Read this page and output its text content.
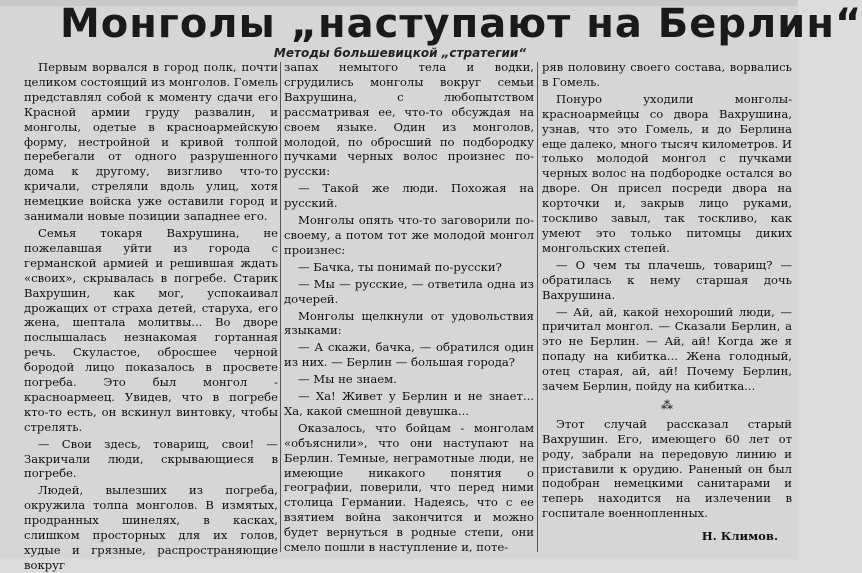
Монголы „наступают на Берлин“
Методы большевицкой „стратегии“

Первым ворвался в город полк, почти целиком состоящий из монголов. Гомель представлял собой к моменту сдачи его Красной армии груду развалин, и монголы, одетые в красноармейскую форму, нестройной и кривой толпой перебегали от одного разрушенного дома к другому, визгливо что-то кричали, стреляли вдоль улиц, хотя немецкие войска уже оставили город и занимали новые позиции западнее его.

Семья токаря Вахрушина, не пожелавшая уйти из города с германской армией и решившая ждать «своих», скрывалась в погребе. Старик Вахрушин, как мог, успокаивал дрожащих от страха детей, старуха, его жена, шептала молитвы... Во дворе послышалась незнакомая гортанная речь. Скуластое, обросшее черной бородой лицо показалось в просвете погреба. Это был монгол - красноармеец. Увидев, что в погребе кто-то есть, он вскинул винтовку, чтобы стрелять.

— Свои здесь, товарищ, свои! — Закричали люди, скрывающиеся в погребе.

Людей, вылезших из погреба, окружила толпа монголов. В измятых, продранных шинелях, в касках, слишком просторных для их голов, худые и грязные, распространяющие вокруг

запах немытого тела и водки, сгрудились монголы вокруг семьи Вахрушина, с любопытством рассматривая ее, что-то обсуждая на своем языке. Один из монголов, молодой, по обросший по подбородку пучками черных волос произнес по-русски:

— Такой же люди. Похожая на русский.

Монголы опять что-то заговорили по-своему, а потом тот же молодой монгол произнес:

— Бачка, ты понимай по-русски?

— Мы — русские, — ответила одна из дочерей.

Монголы щелкнули от удовольствия языками:

— А скажи, бачка, — обратился один из них. — Берлин — большая города?

— Мы не знаем.

— Ха! Живет у Берлин и не знает... Ха, какой смешной девушка...

Оказалось, что бойцам - монголам «объяснили», что они наступают на Берлин. Темные, неграмотные люди, не имеющие никакого понятия о географии, поверили, что перед ними столица Германии. Надеясь, что с ее взятием война закончится и можно будет вернуться в родные степи, они смело пошли в наступление и, поте-

ряв половину своего состава, ворвались в Гомель.

Понуро уходили монголы-красноармейцы со двора Вахрушина, узнав, что это Гомель, и до Берлина еще далеко, много тысяч километров. И только молодой монгол с пучками черных волос на подбородке остался во дворе. Он присел посреди двора на корточки и, закрыв лицо руками, тоскливо завыл, так тоскливо, как умеют это только питомцы диких монгольских степей.

— О чем ты плачешь, товарищ? — обратилась к нему старшая дочь Вахрушина.

— Ай, ай, какой нехороший люди, — причитал монгол. — Сказали Берлин, а это не Берлин. — Ай, ай! Когда же я попаду на кибитка... Жена голодный, отец старая, ай, ай! Почему Берлин, зачем Берлин, пойду на кибитка...

⁂

Этот случай рассказал старый Вахрушин. Его, имеющего 60 лет от роду, забрали на передовую линию и приставили к орудию. Раненый он был подобран немецкими санитарами и теперь находится на излечении в госпитале военнопленных.

Н. Климов.
